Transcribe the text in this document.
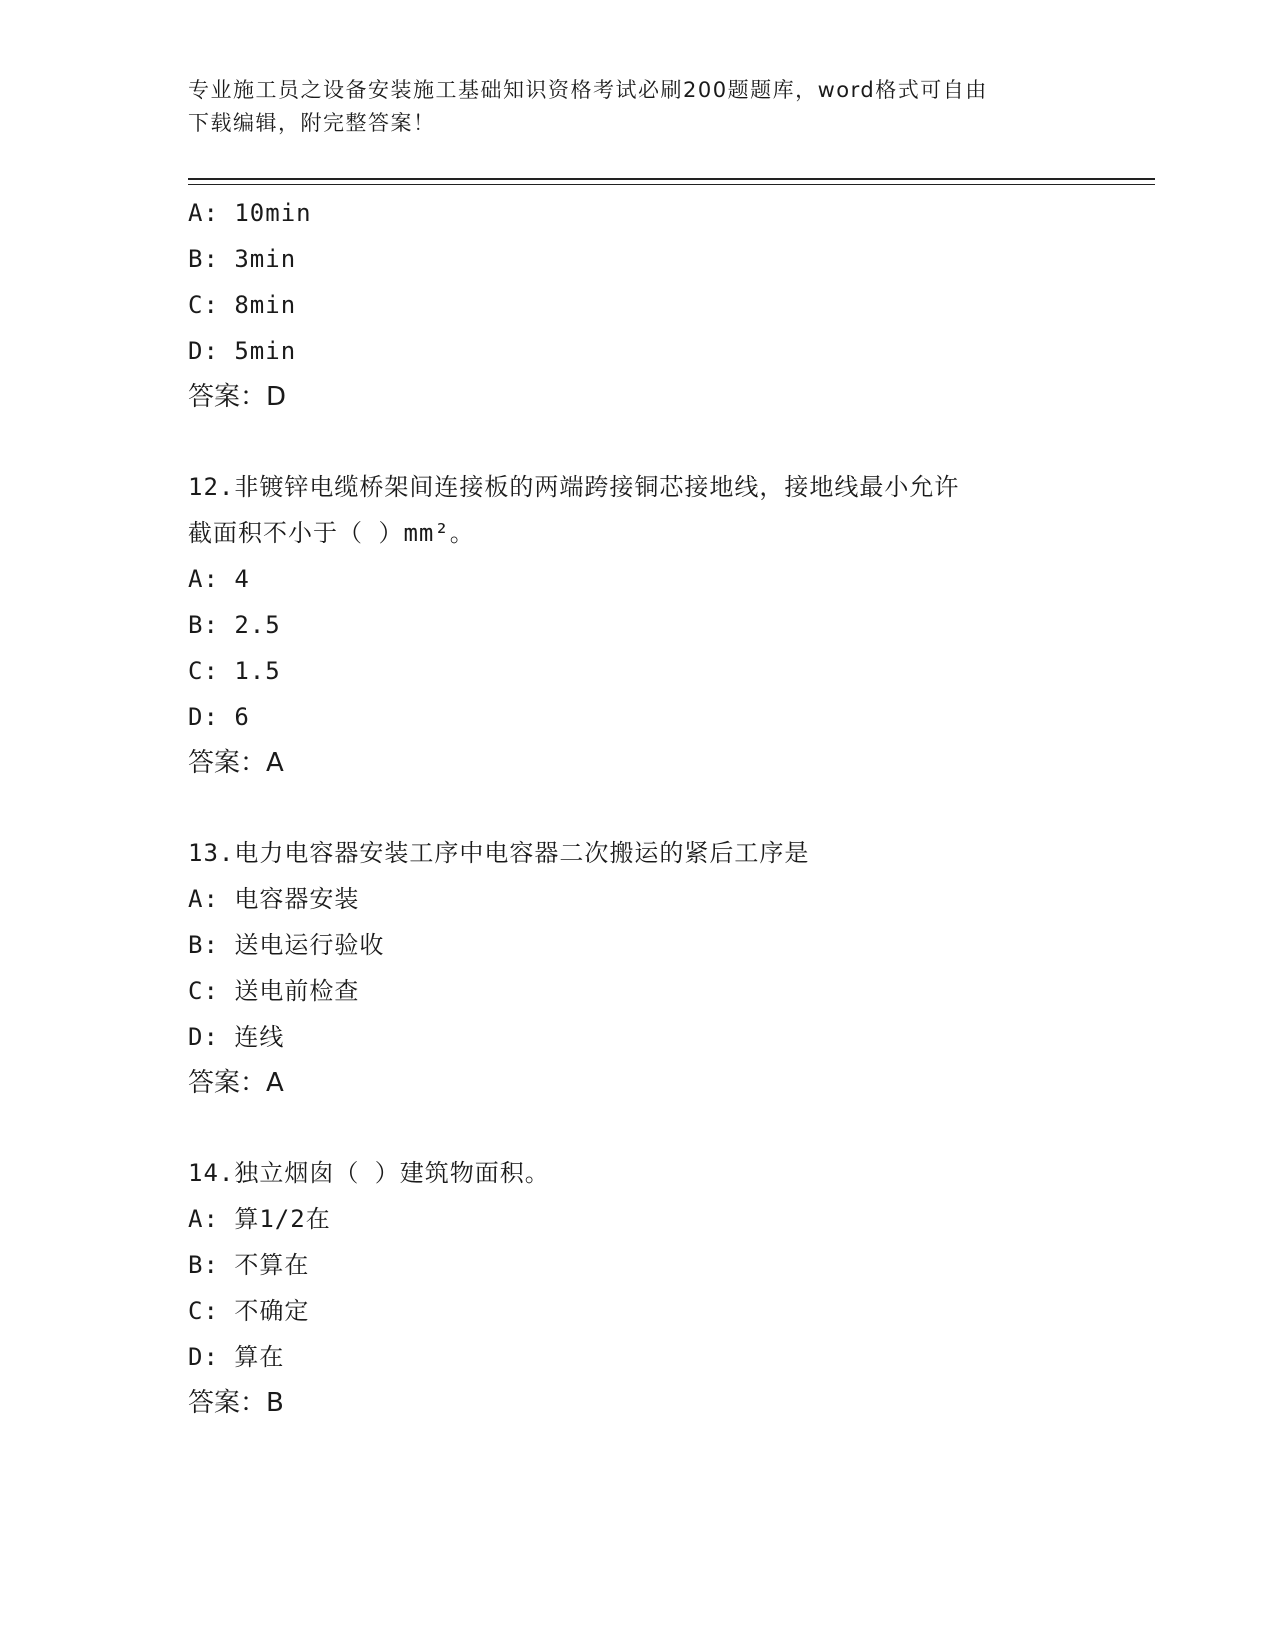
专业施工员之设备安装施工基础知识资格考试必刷200题题库，word格式可自由
下载编辑，附完整答案！
A: 10min
B: 3min
C: 8min
D: 5min
答案：D
12.非镀锌电缆桥架间连接板的两端跨接铜芯接地线，接地线最小允许
截面积不小于（ ）mm²。
A: 4
B: 2.5
C: 1.5
D: 6
答案：A
13.电力电容器安装工序中电容器二次搬运的紧后工序是
A: 电容器安装
B: 送电运行验收
C: 送电前检查
D: 连线
答案：A
14.独立烟囱（ ）建筑物面积。
A: 算1/2在
B: 不算在
C: 不确定
D: 算在
答案：B
